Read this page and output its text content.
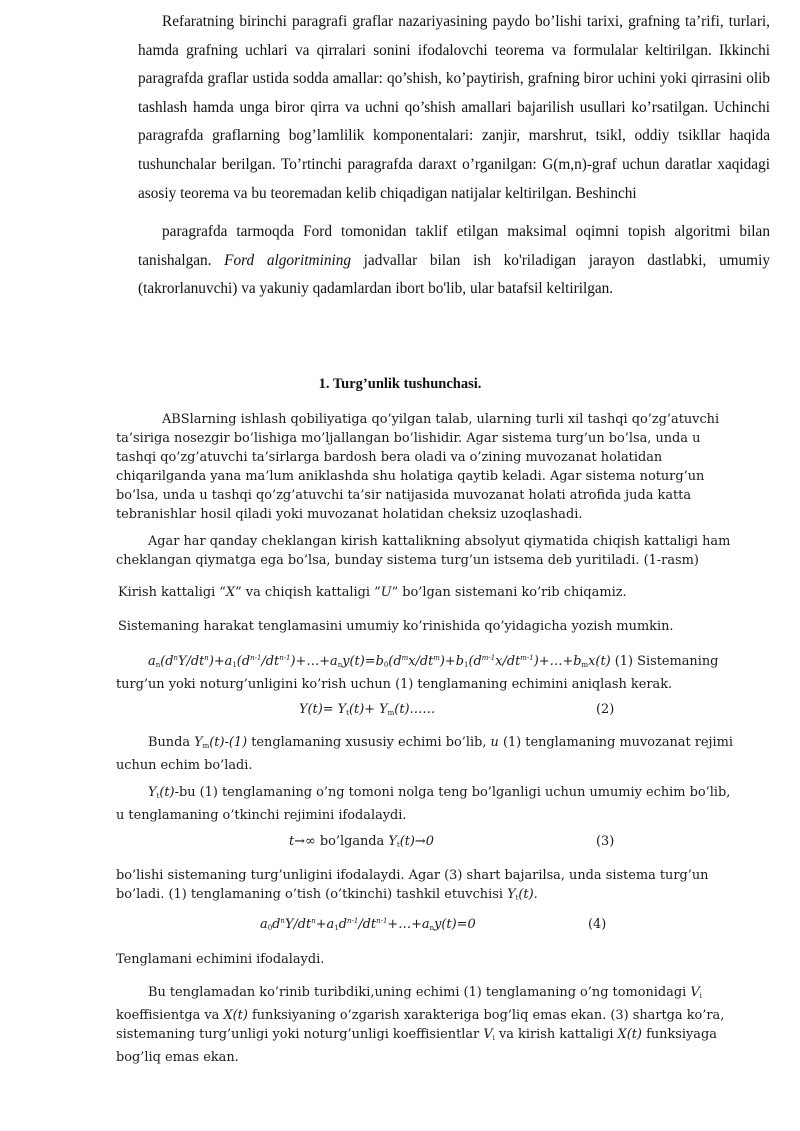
Refaratning birinchi paragrafi graflar nazariyasining paydo bo’lishi tarixi, grafning ta’rifi, turlari, hamda grafning uchlari va qirralari sonini ifodalovchi teorema va formulalar keltirilgan. Ikkinchi paragrafda graflar ustida sodda amallar: qo’shish, ko’paytirish, grafning biror uchini yoki qirrasini olib tashlash hamda unga biror qirra va uchni qo’shish amallari bajarilish usullari ko’rsatilgan. Uchinchi paragrafda graflarning bog’lamlilik komponentalari: zanjir, marshrut, tsikl, oddiy tsikllar haqida tushunchalar berilgan. To’rtinchi paragrafda daraxt o’rganilgan: G(m,n)-graf uchun daratlar xaqidagi asosiy teorema va bu teoremadan kelib chiqadigan natijalar keltirilgan. Beshinchi

paragrafda tarmoqda Ford tomonidan taklif etilgan maksimal oqimni topish algoritmi bilan tanishalgan. Ford algoritmining jadvallar bilan ish ko'riladigan jarayon dastlabki, umumiy (takrorlanuvchi) va yakuniy qadamlardan ibort bo'lib, ular batafsil keltirilgan.

1. Turg’unlik tushunchasi.

ABSlarning ishlash qobiliyatiga qo’yilgan talab, ularning turli xil tashqi qo’zg’atuvchi ta’siriga nosezgir bo’lishiga mo’ljallangan bo’lishidir. Agar sistema turg’un bo’lsa, unda u tashqi qo’zg’atuvchi ta’sirlarga bardosh bera oladi va o’zining muvozanat holatidan chiqarilganda yana ma’lum aniklashda shu holatiga qaytib keladi. Agar sistema noturg’un bo’lsa, unda u tashqi qo’zg’atuvchi ta’sir natijasida muvozanat holati atrofida juda katta tebranishlar hosil qiladi yoki muvozanat holatidan cheksiz uzoqlashadi.

Agar har qanday cheklangan kirish kattalikning absolyut qiymatida chiqish kattaligi ham cheklangan qiymatga ega bo’lsa, bunday sistema turg’un istsema deb yuritiladi. (1-rasm)

Kirish kattaligi “X” va chiqish kattaligi ”U” bo’lgan sistemani ko’rib chiqamiz.

Sistemaning harakat tenglamasini umumiy ko’rinishida qo’yidagicha yozish mumkin.

$a_n(d^nY/dt^n)+a_1(d^{n-1}/dt^{n-1})+\dots+a_ny(t)=b_0(d^mx/dt^m)+b_1(d^{m-1}x/dt^{m-1})+\dots+b_mx(t)$ (1) Sistemaning turg’un yoki noturg’unligini ko’rish uchun (1) tenglamaning echimini aniqlash kerak.

$Y(t)= Y_t(t)+$ $Y_m(t)\dots\dots$	(2)

Bunda $Y_m(t)-(1)$ tenglamaning xususiy echimi bo’lib, u (1) tenglamaning muvozanat rejimi uchun echim bo’ladi.

$Y_t(t)-bu$ (1) tenglamaning o’ng tomoni nolga teng bo’lganligi uchun umumiy echim bo’lib, u tenglamaning o’tkinchi rejimini ifodalaydi.

t→∞ bo’lganda $Y_t(t)\to 0$	(3)

bo’lishi sistemaning turg’unligini ifodalaydi. Agar (3) shart bajarilsa, unda sistema turg’un bo’ladi. (1) tenglamaning o’tish (o’tkinchi) tashkil etuvchisi $Y_t(t)$.

$a_0d^nY/dt^n+a_1d^{n-1}/dt^{n-1}+\dots+a_ny(t)=0$	(4)

Tenglamani echimini ifodalaydi.

Bu tenglamadan ko’rinib turibdiki,uning echimi (1) tenglamaning o’ng tomonidagi $V_i$ koeffisientga va X(t) funksiyaning o’zgarish xarakteriga bog’liq emas ekan. (3) shartga ko’ra, sistemaning turg’unligi yoki noturg’unligi koeffisientlar $V_i$ va kirish kattaligi X(t) funksiyaga bog’liq emas ekan.
